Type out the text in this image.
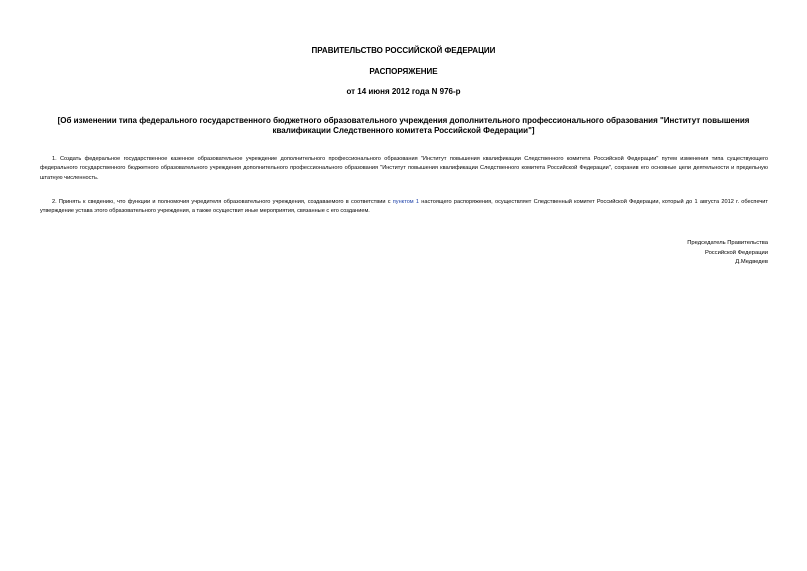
ПРАВИТЕЛЬСТВО РОССИЙСКОЙ ФЕДЕРАЦИИ
РАСПОРЯЖЕНИЕ
от 14 июня 2012 года N 976-р
[Об изменении типа федерального государственного бюджетного образовательного учреждения дополнительного профессионального образования "Институт повышения квалификации Следственного комитета Российской Федерации"]
1. Создать федеральное государственное казенное образовательное учреждение дополнительного профессионального образования "Институт повышения квалификации Следственного комитета Российской Федерации" путем изменения типа существующего федерального государственного бюджетного образовательного учреждения дополнительного профессионального образования "Институт повышения квалификации Следственного комитета Российской Федерации", сохранив его основные цели деятельности и предельную штатную численность.
2. Принять к сведению, что функции и полномочия учредителя образовательного учреждения, создаваемого в соответствии с пунктом 1 настоящего распоряжения, осуществляет Следственный комитет Российской Федерации, который до 1 августа 2012 г. обеспечит утверждение устава этого образовательного учреждения, а также осуществит иные мероприятия, связанные с его созданием.
Председатель Правительства
Российской Федерации
Д.Медведев
